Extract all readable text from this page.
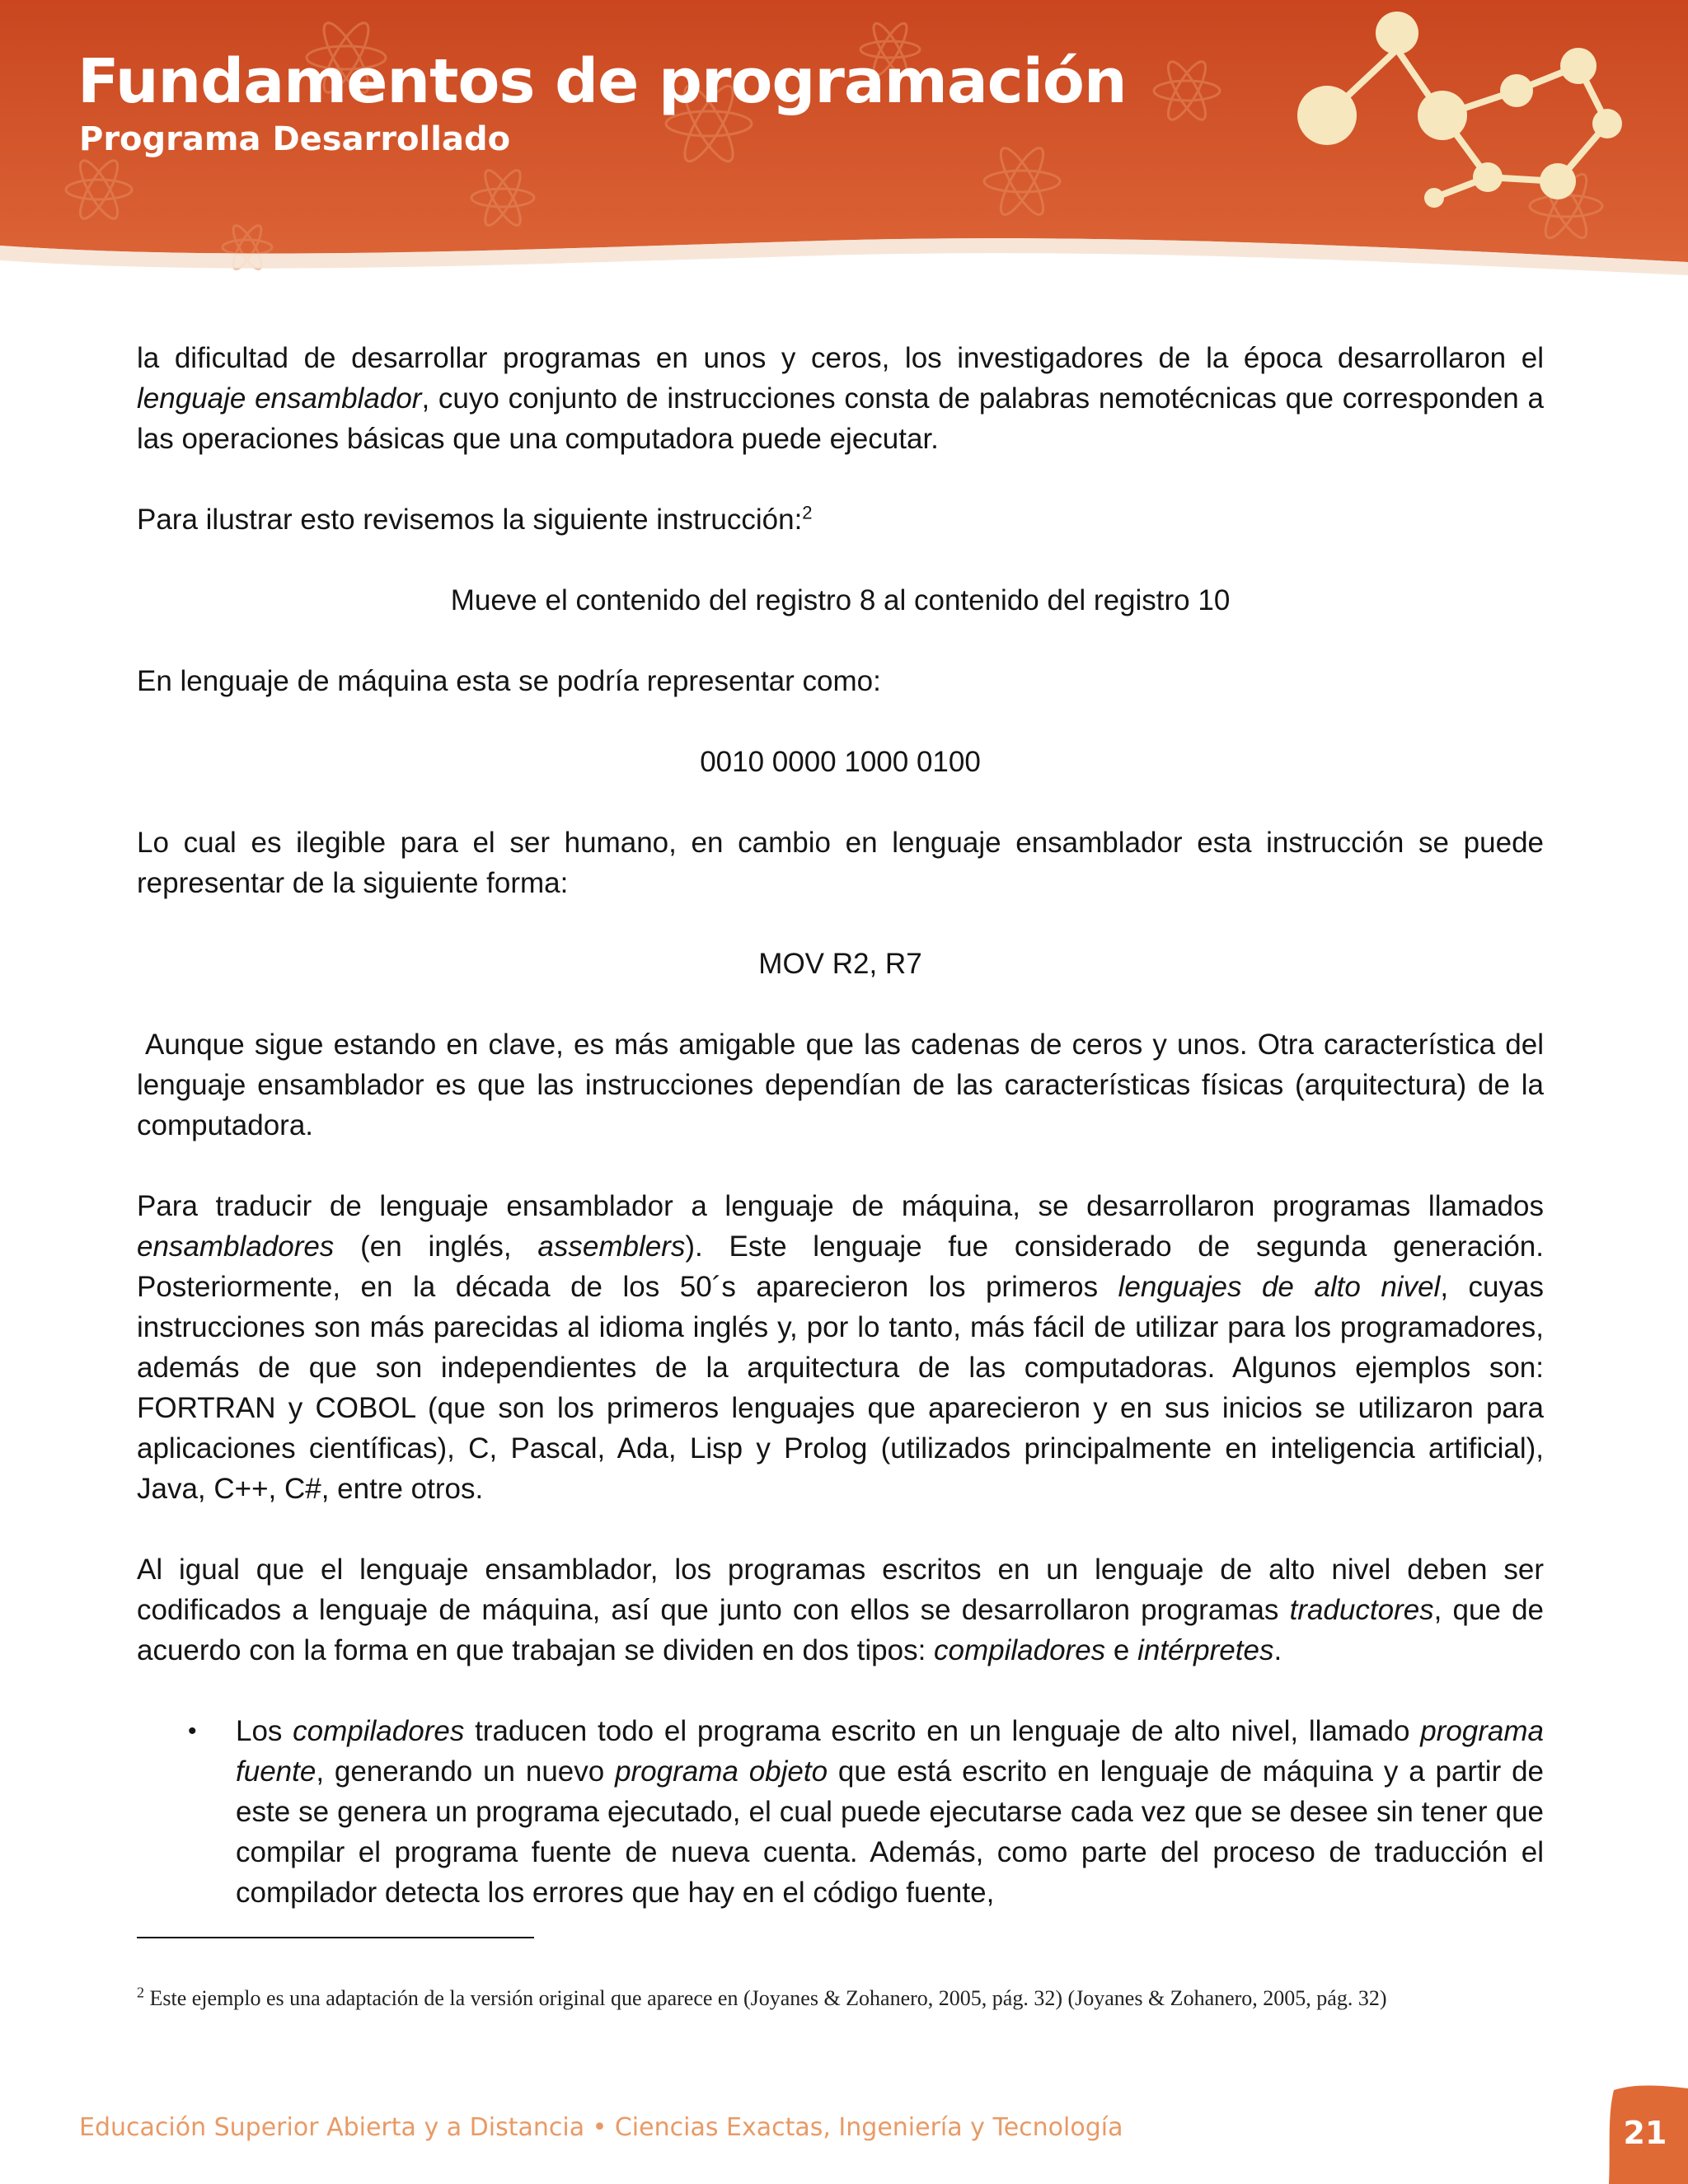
Fundamentos de programación
Programa Desarrollado

la dificultad de desarrollar programas en unos y ceros, los investigadores de la época desarrollaron el lenguaje ensamblador, cuyo conjunto de instrucciones consta de palabras nemotécnicas que corresponden a las operaciones básicas que una computadora puede ejecutar.

Para ilustrar esto revisemos la siguiente instrucción:$^2$

Mueve el contenido del registro 8 al contenido del registro 10

En lenguaje de máquina esta se podría representar como:

0010 0000 1000 0100

Lo cual es ilegible para el ser humano, en cambio en lenguaje ensamblador esta instrucción se puede representar de la siguiente forma:

MOV R2, R7

Aunque sigue estando en clave, es más amigable que las cadenas de ceros y unos. Otra característica del lenguaje ensamblador es que las instrucciones dependían de las características físicas (arquitectura) de la computadora.

Para traducir de lenguaje ensamblador a lenguaje de máquina, se desarrollaron programas llamados ensambladores (en inglés, assemblers). Este lenguaje fue considerado de segunda generación. Posteriormente, en la década de los 50´s aparecieron los primeros lenguajes de alto nivel, cuyas instrucciones son más parecidas al idioma inglés y, por lo tanto, más fácil de utilizar para los programadores, además de que son independientes de la arquitectura de las computadoras. Algunos ejemplos son: FORTRAN y COBOL (que son los primeros lenguajes que aparecieron y en sus inicios se utilizaron para aplicaciones científicas), C, Pascal, Ada, Lisp y Prolog (utilizados principalmente en inteligencia artificial), Java, C++, C#, entre otros.

Al igual que el lenguaje ensamblador, los programas escritos en un lenguaje de alto nivel deben ser codificados a lenguaje de máquina, así que junto con ellos se desarrollaron programas traductores, que de acuerdo con la forma en que trabajan se dividen en dos tipos: compiladores e intérpretes.

• Los compiladores traducen todo el programa escrito en un lenguaje de alto nivel, llamado programa fuente, generando un nuevo programa objeto que está escrito en lenguaje de máquina y a partir de este se genera un programa ejecutado, el cual puede ejecutarse cada vez que se desee sin tener que compilar el programa fuente de nueva cuenta. Además, como parte del proceso de traducción el compilador detecta los errores que hay en el código fuente,
$^2$ Este ejemplo es una adaptación de la versión original que aparece en (Joyanes & Zohanero, 2005, pág. 32) (Joyanes & Zohanero, 2005, pág. 32)
Educación Superior Abierta y a Distancia • Ciencias Exactas, Ingeniería y Tecnología	21
